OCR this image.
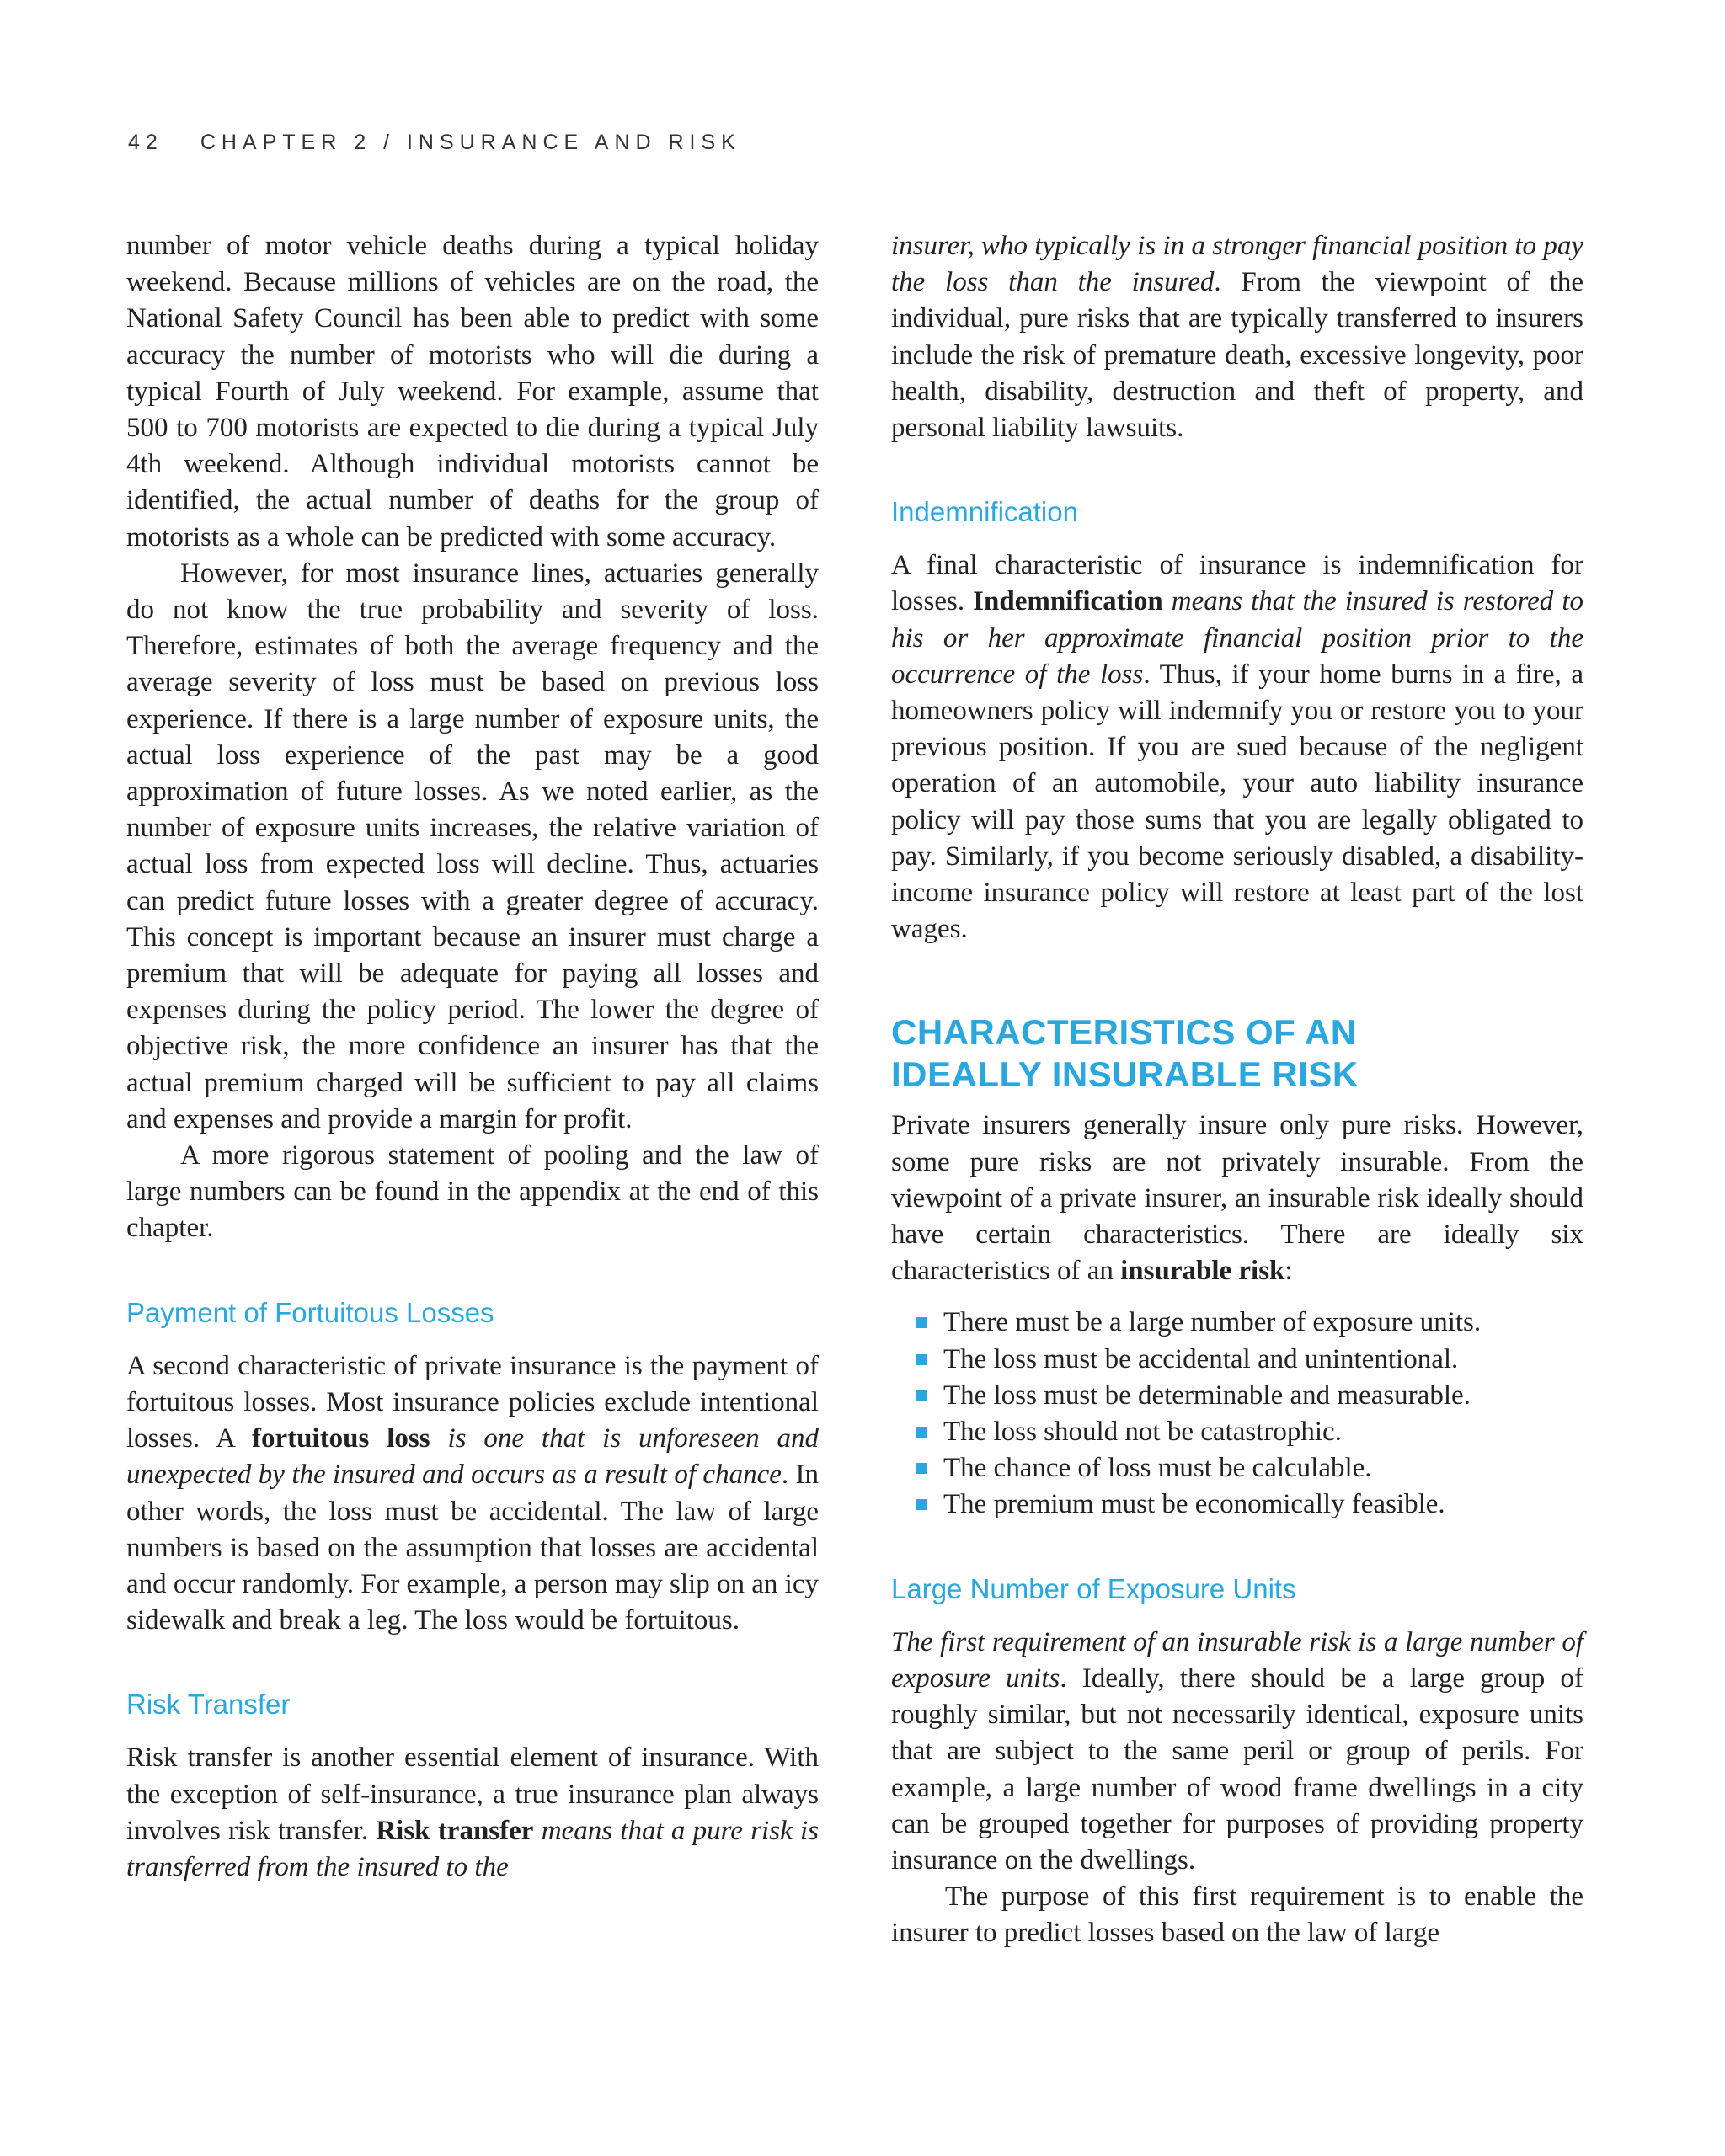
42 CHAPTER 2 / INSURANCE AND RISK

number of motor vehicle deaths during a typical holiday weekend. Because millions of vehicles are on the road, the National Safety Council has been able to predict with some accuracy the number of motorists who will die during a typical Fourth of July weekend. For example, assume that 500 to 700 motorists are expected to die during a typical July 4th weekend. Although individual motorists cannot be identified, the actual number of deaths for the group of motorists as a whole can be predicted with some accuracy.

However, for most insurance lines, actuaries generally do not know the true probability and severity of loss. Therefore, estimates of both the average frequency and the average severity of loss must be based on previous loss experience. If there is a large number of exposure units, the actual loss experience of the past may be a good approximation of future losses. As we noted earlier, as the number of exposure units increases, the relative variation of actual loss from expected loss will decline. Thus, actuaries can predict future losses with a greater degree of accuracy. This concept is important because an insurer must charge a premium that will be adequate for paying all losses and expenses during the policy period. The lower the degree of objective risk, the more confidence an insurer has that the actual premium charged will be sufficient to pay all claims and expenses and provide a margin for profit.

A more rigorous statement of pooling and the law of large numbers can be found in the appendix at the end of this chapter.

Payment of Fortuitous Losses

A second characteristic of private insurance is the payment of fortuitous losses. Most insurance policies exclude intentional losses. A fortuitous loss is one that is unforeseen and unexpected by the insured and occurs as a result of chance. In other words, the loss must be accidental. The law of large numbers is based on the assumption that losses are accidental and occur randomly. For example, a person may slip on an icy sidewalk and break a leg. The loss would be fortuitous.

Risk Transfer

Risk transfer is another essential element of insurance. With the exception of self-insurance, a true insurance plan always involves risk transfer. Risk transfer means that a pure risk is transferred from the insured to the

insurer, who typically is in a stronger financial position to pay the loss than the insured. From the viewpoint of the individual, pure risks that are typically transferred to insurers include the risk of premature death, excessive longevity, poor health, disability, destruction and theft of property, and personal liability lawsuits.

Indemnification

A final characteristic of insurance is indemnification for losses. Indemnification means that the insured is restored to his or her approximate financial position prior to the occurrence of the loss. Thus, if your home burns in a fire, a homeowners policy will indemnify you or restore you to your previous position. If you are sued because of the negligent operation of an automobile, your auto liability insurance policy will pay those sums that you are legally obligated to pay. Similarly, if you become seriously disabled, a disability-income insurance policy will restore at least part of the lost wages.

CHARACTERISTICS OF AN
IDEALLY INSURABLE RISK

Private insurers generally insure only pure risks. However, some pure risks are not privately insurable. From the viewpoint of a private insurer, an insurable risk ideally should have certain characteristics. There are ideally six characteristics of an insurable risk:

There must be a large number of exposure units.
The loss must be accidental and unintentional.
The loss must be determinable and measurable.
The loss should not be catastrophic.
The chance of loss must be calculable.
The premium must be economically feasible.
Large Number of Exposure Units

The first requirement of an insurable risk is a large number of exposure units. Ideally, there should be a large group of roughly similar, but not necessarily identical, exposure units that are subject to the same peril or group of perils. For example, a large number of wood frame dwellings in a city can be grouped together for purposes of providing property insurance on the dwellings.

The purpose of this first requirement is to enable the insurer to predict losses based on the law of large
